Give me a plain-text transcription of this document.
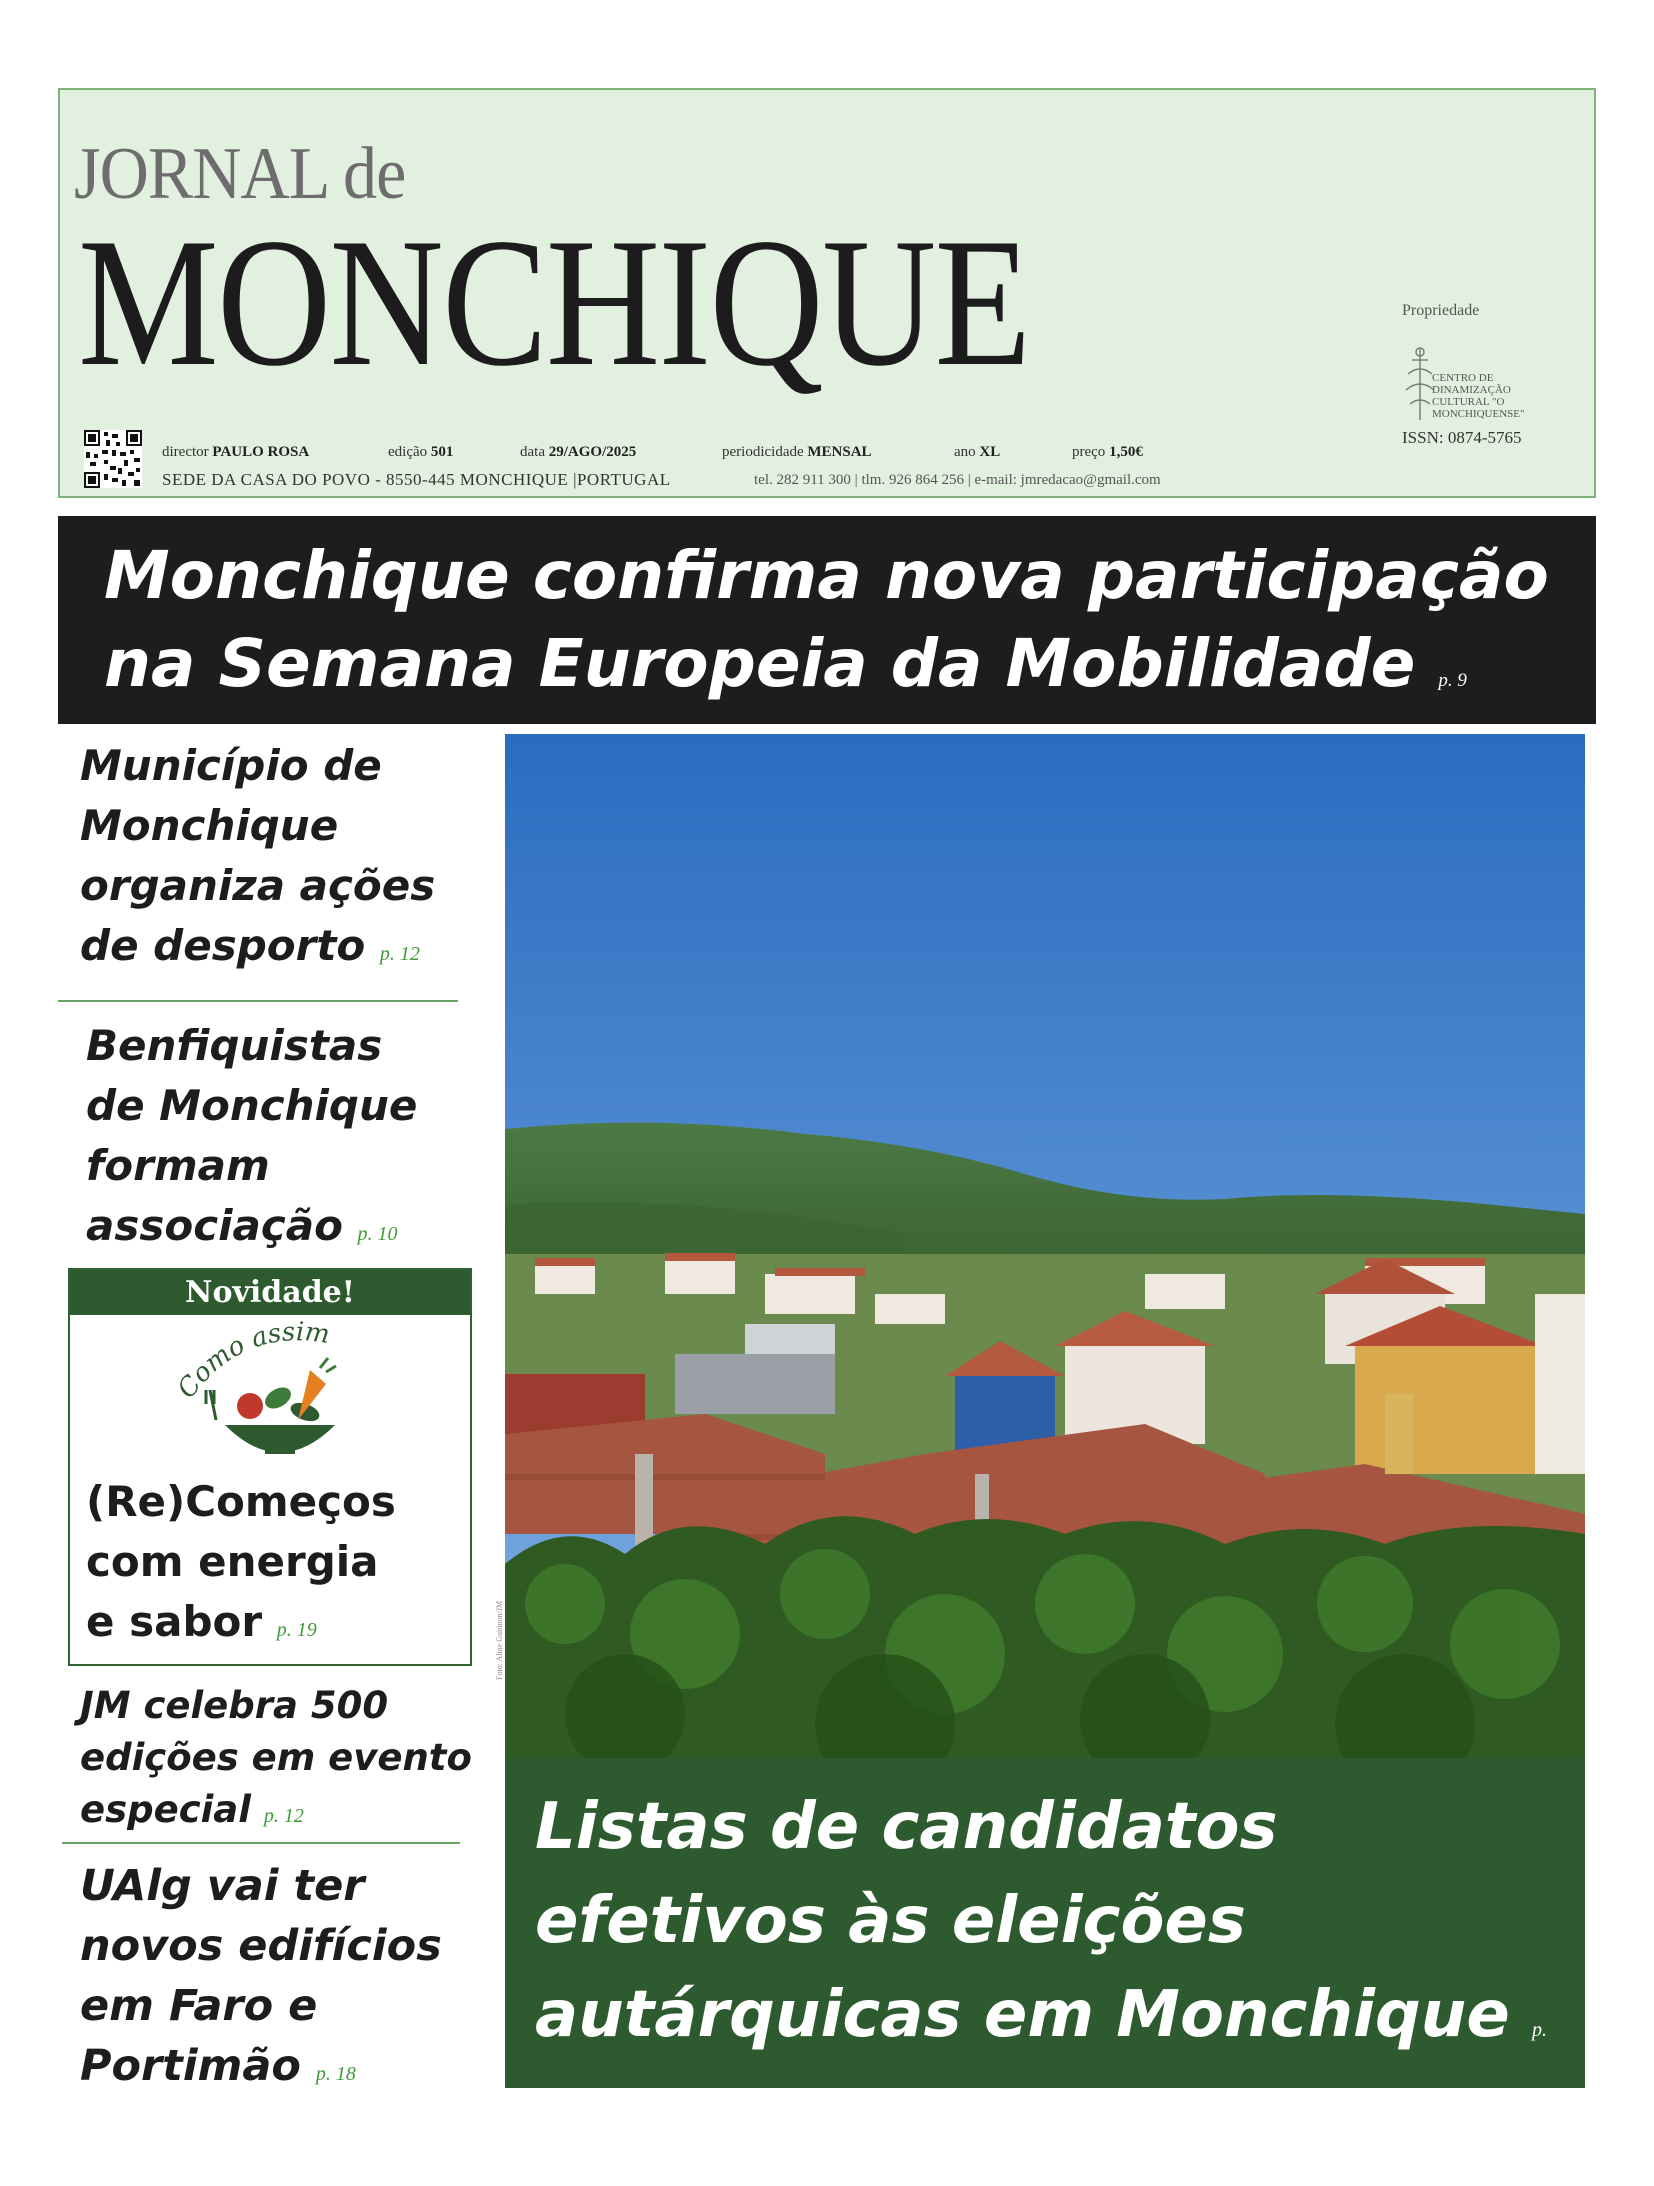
JORNAL de
MONCHIQUE	Propriedade
CENTRO DE DINAMIZAÇÃO CULTURAL "O MONCHIQUENSE"
ISSN: 0874-5765
director PAULO ROSA	edição 501	data 29/AGO/2025	periodicidade MENSAL	ano XL	preço 1,50€
SEDE DA CASA DO POVO - 8550-445 MONCHIQUE |PORTUGAL	tel. 282 911 300 | tlm. 926 864 256 | e-mail: jmredacao@gmail.com
Monchique confirma nova participação
na Semana Europeia da Mobilidade p. 9
Município de
Monchique
organiza ações
de desporto p. 12
Benfiquistas
de Monchique
formam
associação p. 10
Novidade!
Como assim
(Re)Começos
com energia
e sabor p. 19
JM celebra 500
edições em evento
especial p. 12
UAlg vai ter
novos edifícios
em Faro e
Portimão p. 18
Foto: Aline Guitinon/JM
Listas de candidatos
efetivos às eleições
autárquicas em Monchique p. 11
